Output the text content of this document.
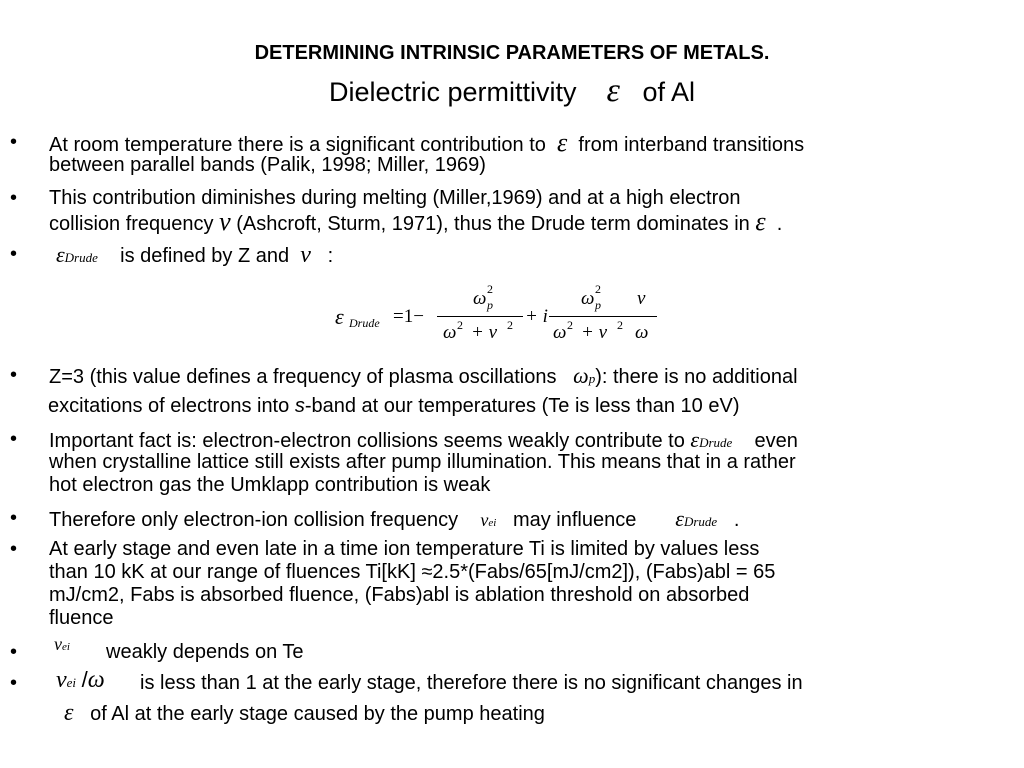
DETERMINING INTRINSIC PARAMETERS OF METALS.
Dielectric permittivity ε of Al
• At room temperature there is a significant contribution to ε from interband transitions
between parallel bands (Palik, 1998; Miller, 1969)
• This contribution diminishes during melting (Miller,1969) and at a high electron
collision frequency ν (Ashcroft, Sturm, 1971), thus the Drude term dominates in ε .
• εDrude is defined by Z and ν :
ε Drude =1−
ω 2
p
ω 2 + ν 2 + i
ω 2
p
ω 2 + ν 2
ν
ω
• Z=3 (this value defines a frequency of plasma oscillations ωp): there is no additional
excitations of electrons into s-band at our temperatures (Te is less than 10 eV)
• Important fact is: electron-electron collisions seems weakly contribute to εDrude even
when crystalline lattice still exists after pump illumination. This means that in a rather
hot electron gas the Umklapp contribution is weak
• Therefore only electron-ion collision frequency νei may influence εDrude .
• At early stage and even late in a time ion temperature Ti is limited by values less
than 10 kK at our range of fluences Ti[kK] ≈2.5*(Fabs/65[mJ/cm2]), (Fabs)abl = 65
mJ/cm2, Fabs is absorbed fluence, (Fabs)abl is ablation threshold on absorbed
fluence
• νei weakly depends on Te
• νei /ω is less than 1 at the early stage, therefore there is no significant changes in
ε of Al at the early stage caused by the pump heating
